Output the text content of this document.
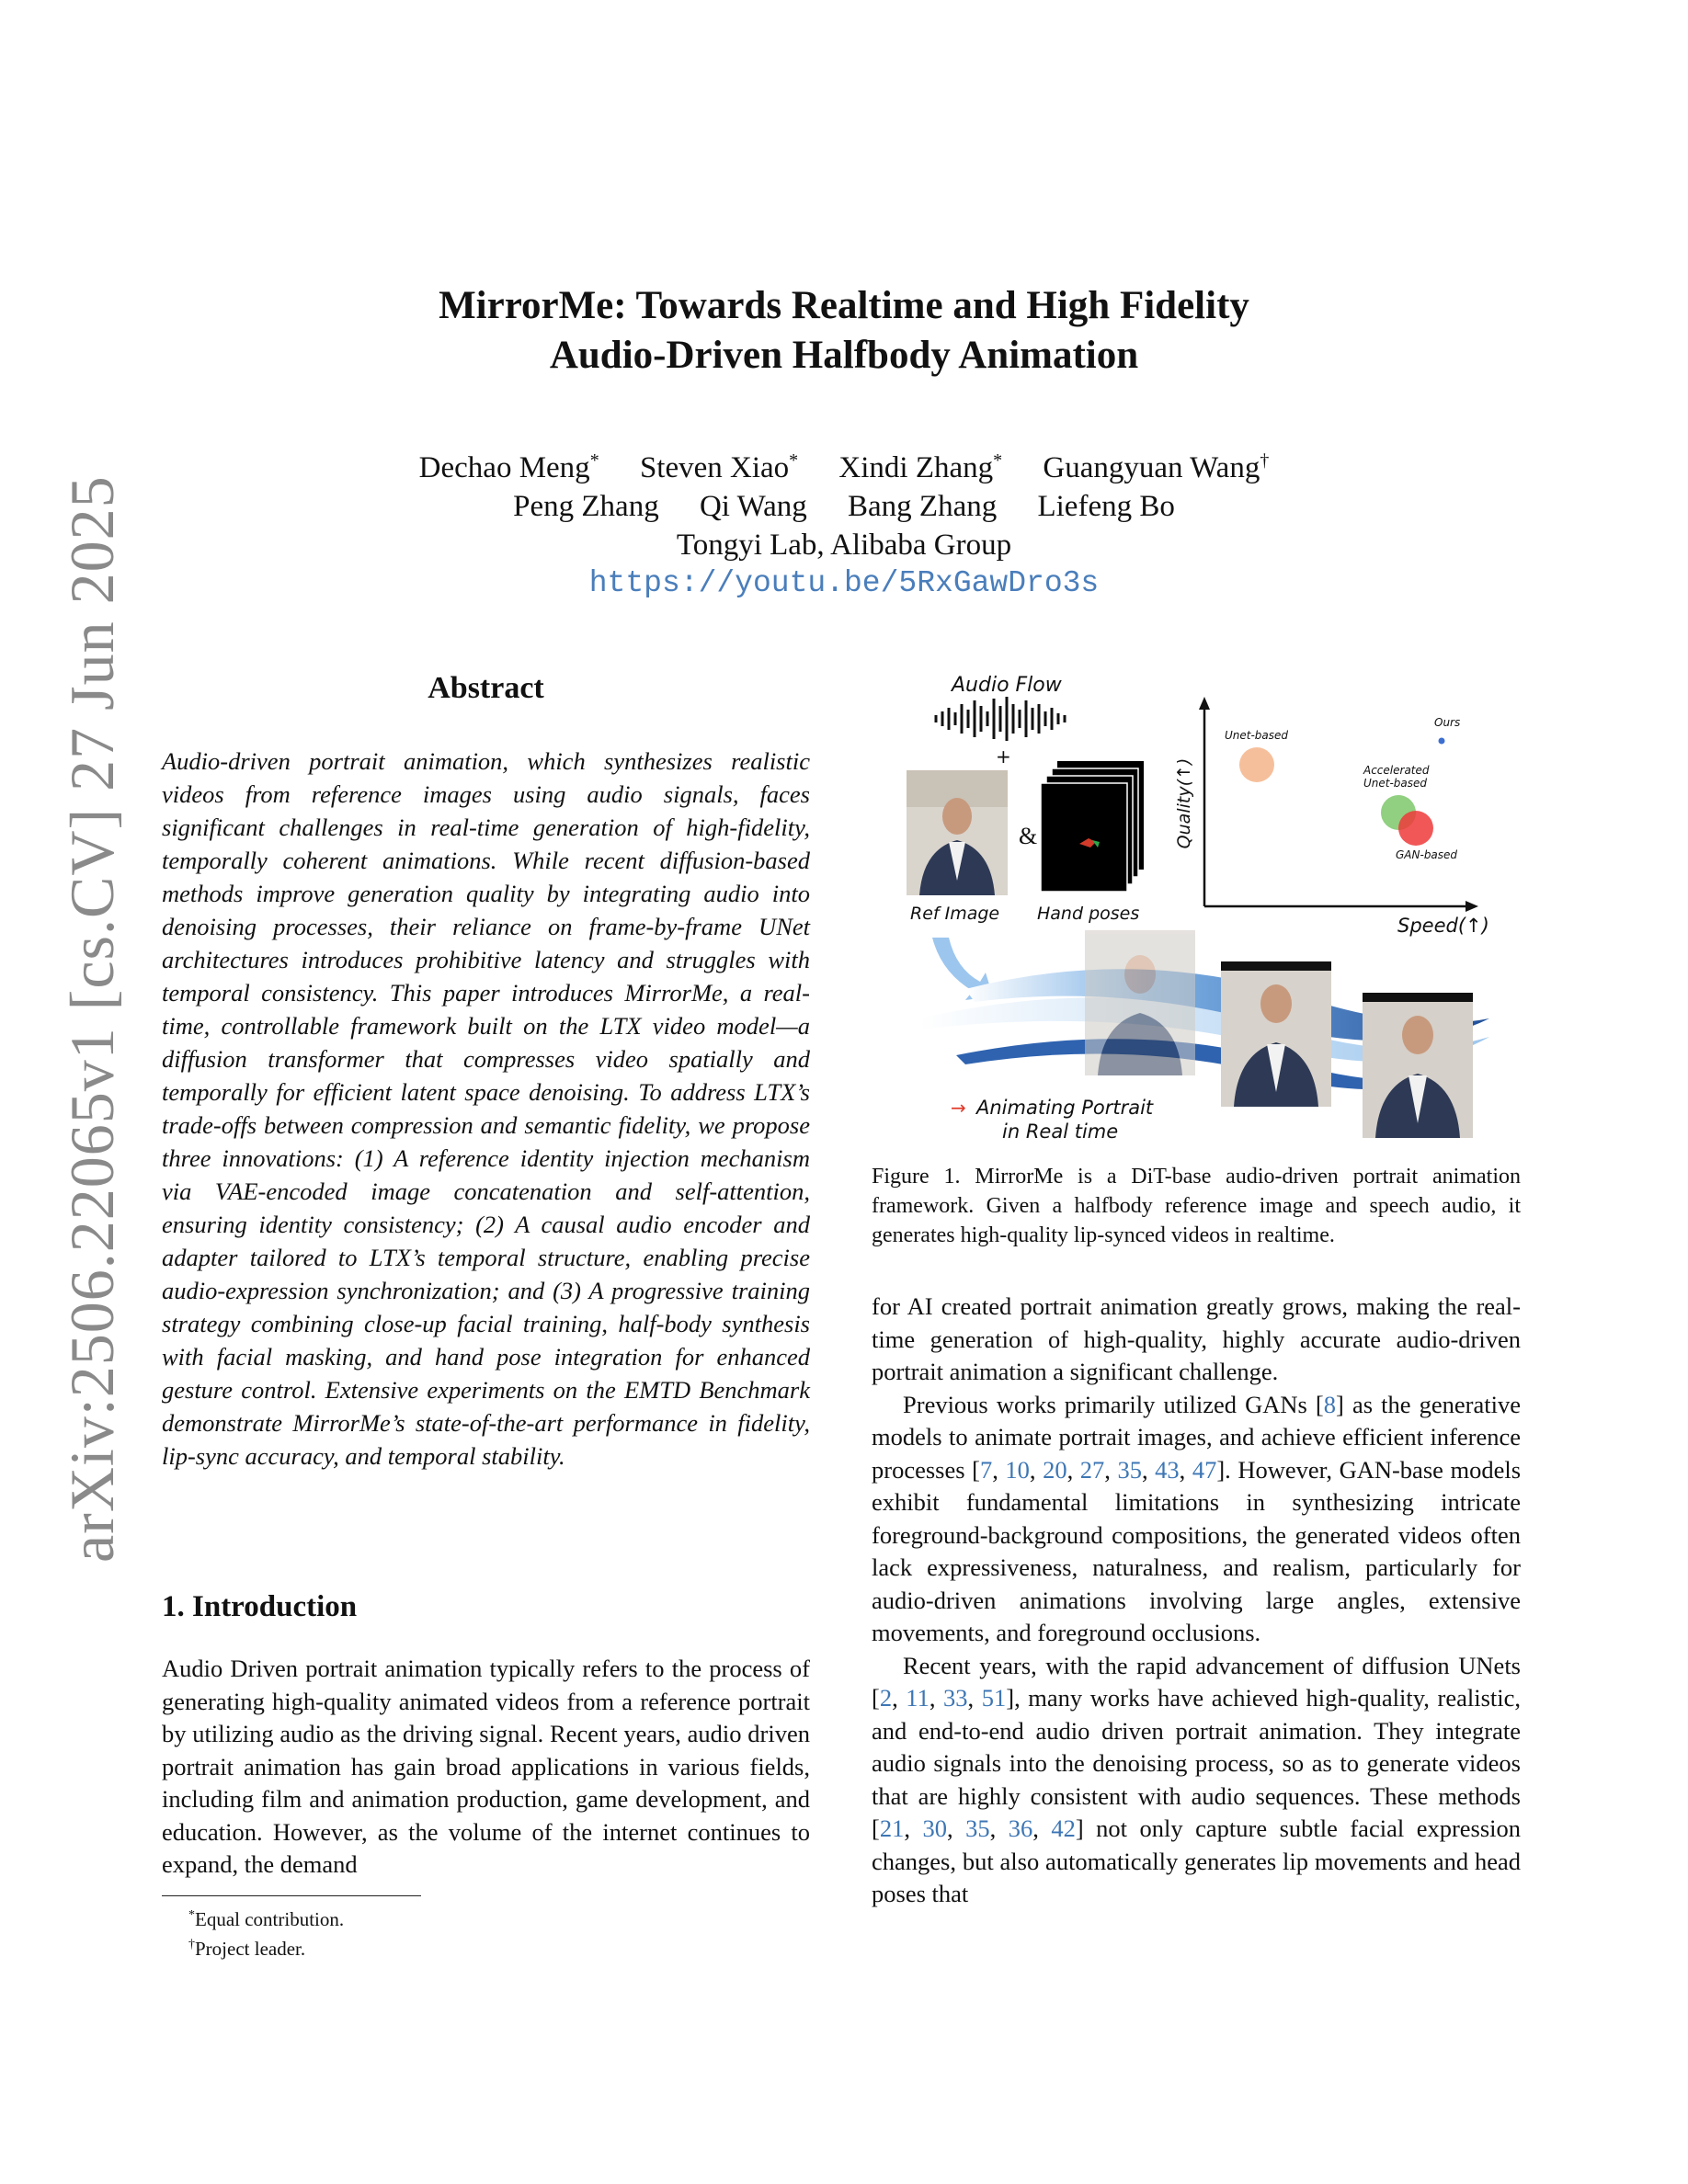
arXiv:2506.22065v1 [cs.CV] 27 Jun 2025
MirrorMe: Towards Realtime and High Fidelity
Audio-Driven Halfbody Animation
Dechao Meng* Steven Xiao* Xindi Zhang* Guangyuan Wang†
Peng Zhang Qi Wang Bang Zhang Liefeng Bo
Tongyi Lab, Alibaba Group
https://youtu.be/5RxGawDro3s
Abstract
Audio-driven portrait animation, which synthesizes realistic videos from reference images using audio signals, faces significant challenges in real-time generation of high-fidelity, temporally coherent animations. While recent diffusion-based methods improve generation quality by integrating audio into denoising processes, their reliance on frame-by-frame UNet architectures introduces prohibitive latency and struggles with temporal consistency. This paper introduces MirrorMe, a real-time, controllable framework built on the LTX video model—a diffusion transformer that compresses video spatially and temporally for efficient latent space denoising. To address LTX’s trade-offs between compression and semantic fidelity, we propose three innovations: (1) A reference identity injection mechanism via VAE-encoded image concatenation and self-attention, ensuring identity consistency; (2) A causal audio encoder and adapter tailored to LTX’s temporal structure, enabling precise audio-expression synchronization; and (3) A progressive training strategy combining close-up facial training, half-body synthesis with facial masking, and hand pose integration for enhanced gesture control. Extensive experiments on the EMTD Benchmark demonstrate MirrorMe’s state-of-the-art performance in fidelity, lip-sync accuracy, and temporal stability.
1. Introduction
Audio Driven portrait animation typically refers to the process of generating high-quality animated videos from a reference portrait by utilizing audio as the driving signal. Recent years, audio driven portrait animation has gain broad applications in various fields, including film and animation production, game development, and education. However, as the volume of the internet continues to expand, the demand
*Equal contribution.
†Project leader.
Audio Flow
+
Ref Image
&
Hand poses
Quality(↑)
Speed(↑)
Unet-based
Ours
Accelerated
Unet-based
GAN-based
→ Animating Portrait
in Real time
Figure 1. MirrorMe is a DiT-base audio-driven portrait animation framework. Given a halfbody reference image and speech audio, it generates high-quality lip-synced videos in realtime.

for AI created portrait animation greatly grows, making the real-time generation of high-quality, highly accurate audio-driven portrait animation a significant challenge.

Previous works primarily utilized GANs [8] as the generative models to animate portrait images, and achieve efficient inference processes [7, 10, 20, 27, 35, 43, 47]. However, GAN-base models exhibit fundamental limitations in synthesizing intricate foreground-background compositions, the generated videos often lack expressiveness, naturalness, and realism, particularly for audio-driven animations involving large angles, extensive movements, and foreground occlusions.

Recent years, with the rapid advancement of diffusion UNets [2, 11, 33, 51], many works have achieved high-quality, realistic, and end-to-end audio driven portrait animation. They integrate audio signals into the denoising process, so as to generate videos that are highly consistent with audio sequences. These methods [21, 30, 35, 36, 42] not only capture subtle facial expression changes, but also automatically generates lip movements and head poses that
